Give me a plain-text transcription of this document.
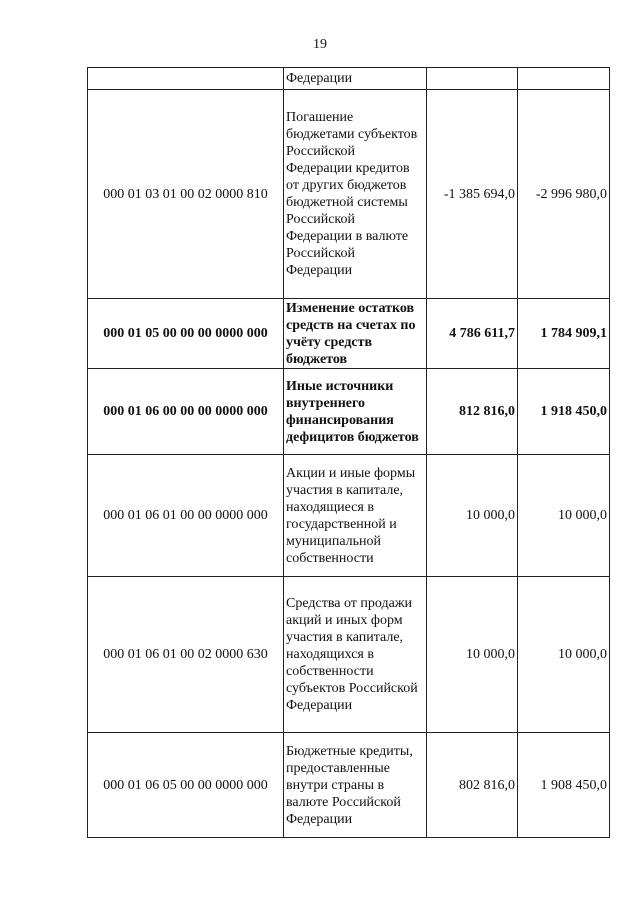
19
	Федерации		
000 01 03 01 00 02 0000 810	Погашение бюджетами субъектов Российской Федерации кредитов от других бюджетов бюджетной системы Российской Федерации в валюте Российской Федерации	-1 385 694,0	-2 996 980,0
000 01 05 00 00 00 0000 000	Изменение остатков средств на счетах по учёту средств бюджетов	4 786 611,7	1 784 909,1
000 01 06 00 00 00 0000 000	Иные источники внутреннего финансирования дефицитов бюджетов	812 816,0	1 918 450,0
000 01 06 01 00 00 0000 000	Акции и иные формы участия в капитале, находящиеся в государственной и муниципальной собственности	10 000,0	10 000,0
000 01 06 01 00 02 0000 630	Средства от продажи акций и иных форм участия в капитале, находящихся в собственности субъектов Российской Федерации	10 000,0	10 000,0
000 01 06 05 00 00 0000 000	Бюджетные кредиты, предоставленные внутри страны в валюте Российской Федерации	802 816,0	1 908 450,0
